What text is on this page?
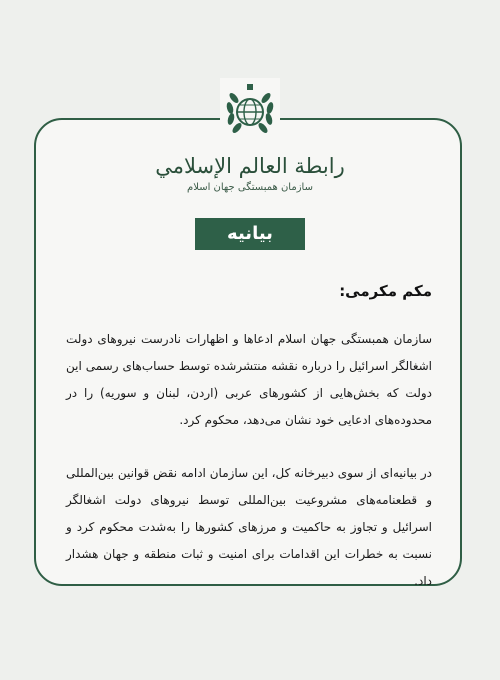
رابطة العالم الإسلامي
سازمان همبستگی جهان اسلام
بیانیه
مکم مکرمی:
سازمان همبستگی جهان اسلام ادعاها و اظهارات نادرست نیروهای دولت اشغالگر اسرائیل را درباره نقشه منتشرشده توسط حساب‌های رسمی این دولت که بخش‌هایی از کشورهای عربی (اردن، لبنان و سوریه) را در محدوده‌های ادعایی خود نشان می‌دهد، محکوم کرد.
در بیانیه‌ای از سوی دبیرخانه کل، این سازمان ادامه نقض قوانین بین‌المللی و قطعنامه‌های مشروعیت بین‌المللی توسط نیروهای دولت اشغالگر اسرائیل و تجاوز به حاکمیت و مرزهای کشورها را به‌شدت محکوم کرد و نسبت به خطرات این اقدامات برای امنیت و ثبات منطقه و جهان هشدار داد.
